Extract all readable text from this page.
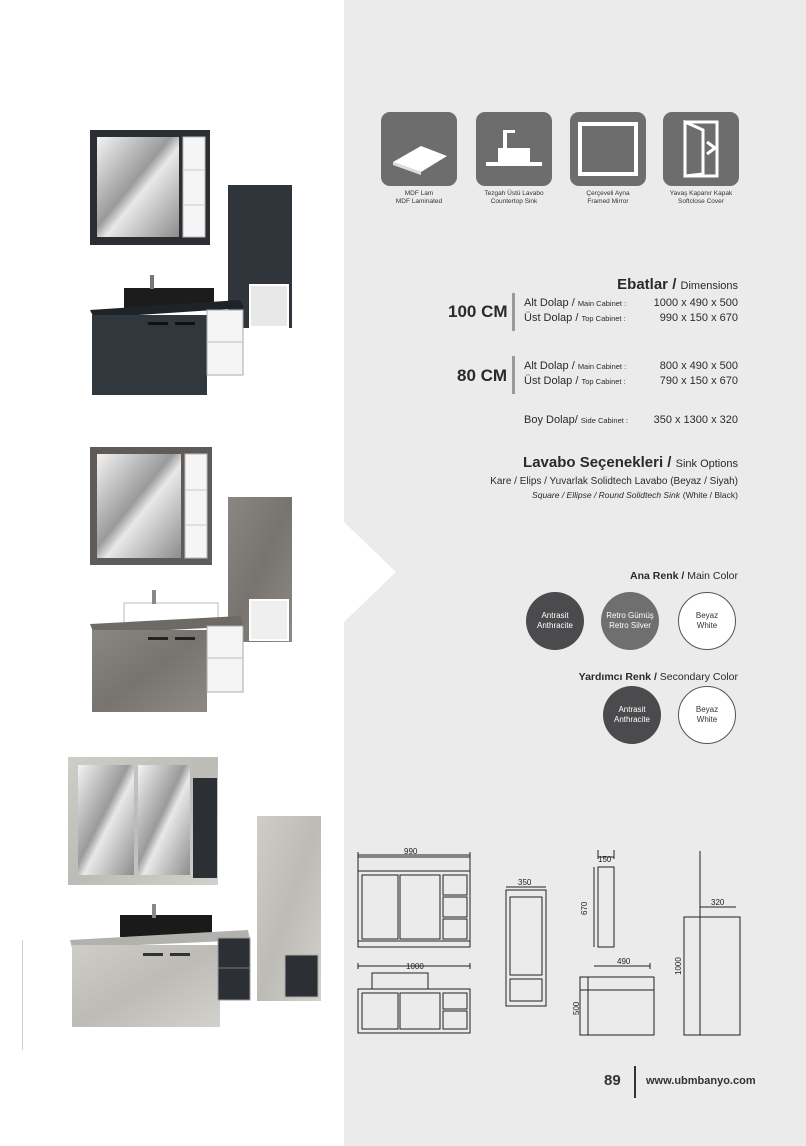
MDF Lam
MDF Laminated
Tezgah Üstü Lavabo
Countertop Sink
Çerçeveli Ayna
Framed Mirror
Yavaş Kapanır Kapak
Softclose Cover
Ebatlar / Dimensions
100 CM Alt Dolap / Main Cabinet : 1000 x 490 x 500
Üst Dolap / Top Cabinet :	990 x 150 x 670
80 CM Alt Dolap / Main Cabinet :	800 x 490 x 500
Üst Dolap / Top Cabinet :	790 x 150 x 670
Boy Dolap/ Side Cabinet : 350 x 1300 x 320
Lavabo Seçenekleri / Sink Options
Kare / Elips / Yuvarlak Solidtech Lavabo (Beyaz / Siyah)
Square / Ellipse / Round Solidtech Sink (White / Black)
Ana Renk / Main Color
Antrasit
Anthracite
Retro Gümüş
Retro Silver
Beyaz
White
Yardımcı Renk / Secondary Color
Antrasit
Anthracite
Beyaz
White
990
350
150
670
1000
490
500
320
1000
89 www.ubmbanyo.com
